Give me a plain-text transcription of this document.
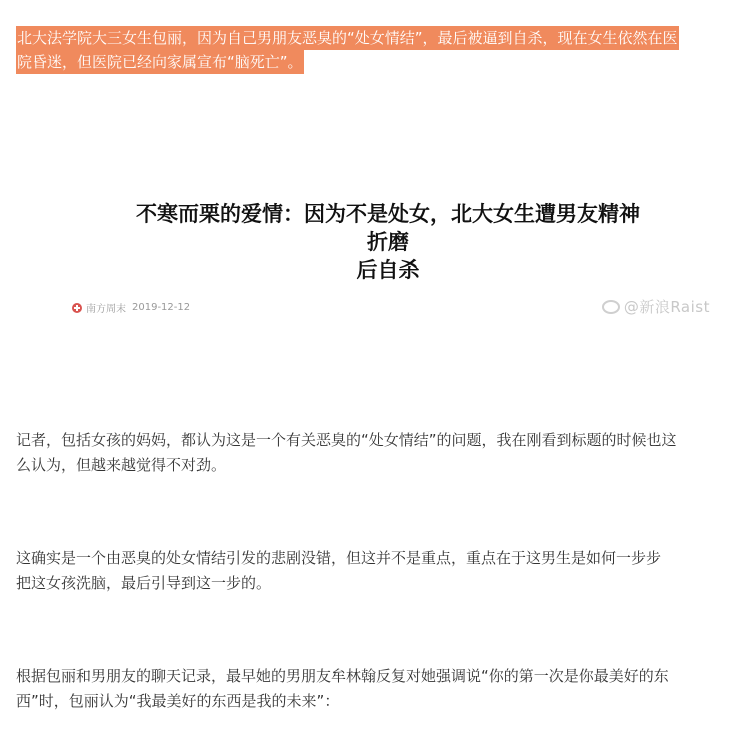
北大法学院大三女生包丽，因为自己男朋友恶臭的“处女情结”，最后被逼到自杀，现在女生依然在医
院昏迷，但医院已经向家属宣布“脑死亡”。
不寒而栗的爱情：因为不是处女，北大女生遭男友精神
折磨
后自杀
南方周末 2019-12-12	@新浪Raist
记者，包括女孩的妈妈，都认为这是一个有关恶臭的“处女情结”的问题，我在刚看到标题的时候也这
么认为，但越来越觉得不对劲。
这确实是一个由恶臭的处女情结引发的悲剧没错，但这并不是重点，重点在于这男生是如何一步步
把这女孩洗脑，最后引导到这一步的。
根据包丽和男朋友的聊天记录，最早她的男朋友牟林翰反复对她强调说“你的第一次是你最美好的东
西”时，包丽认为“我最美好的东西是我的未来”：
